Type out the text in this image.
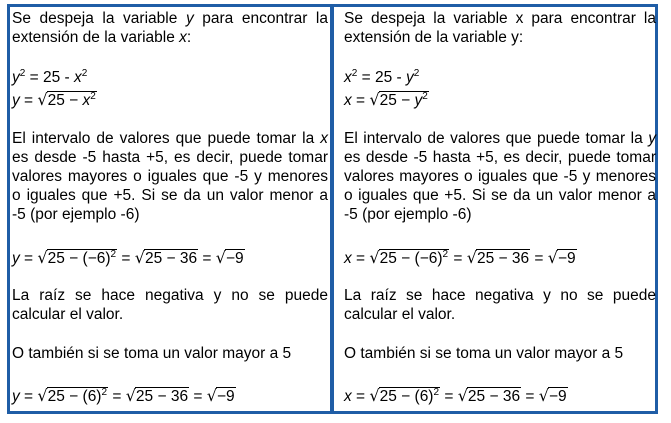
Se despeja la variable y para encontrar la extensión de la variable x:

$y^2 = 25 - x^2$
$y = √25 - x^2$

El intervalo de valores que puede tomar la x es desde -5 hasta +5, es decir, puede tomar valores mayores o iguales que -5 y menores o iguales que +5. Si se da un valor menor a -5 (por ejemplo -6)

$y = √25 - (-6)^2 = √25 - 36 = √-9$

La raíz se hace negativa y no se puede calcular el valor.

O también si se toma un valor mayor a 5

$y = √25 - (6)^2 = √25 - 36 = √-9$

Se despeja la variable x para encontrar la extensión de la variable y:

$x^2 = 25 - y^2$
$x = √25 - y^2$

El intervalo de valores que puede tomar la y es desde -5 hasta +5, es decir, puede tomar valores mayores o iguales que -5 y menores o iguales que +5. Si se da un valor menor a -5 (por ejemplo -6)

$x = √25 - (-6)^2 = √25 - 36 = √-9$

La raíz se hace negativa y no se puede calcular el valor.

O también si se toma un valor mayor a 5

$x = √25 - (6)^2 = √25 - 36 = √-9$
